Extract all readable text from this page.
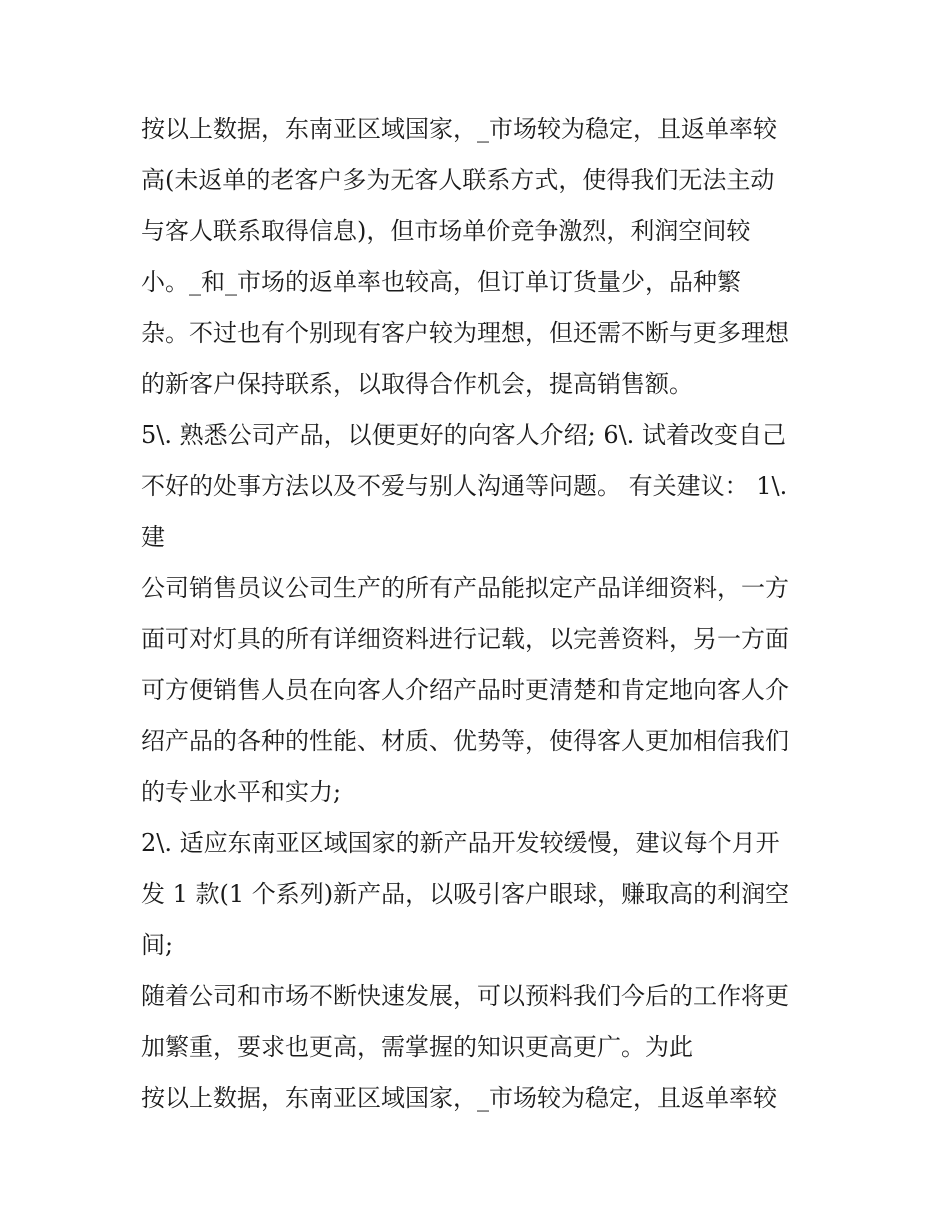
按以上数据，东南亚区域国家，_市场较为稳定，且返单率较
高(未返单的老客户多为无客人联系方式，使得我们无法主动
与客人联系取得信息)，但市场单价竞争激烈，利润空间较
小。_和_市场的返单率也较高，但订单订货量少，品种繁
杂。不过也有个别现有客户较为理想，但还需不断与更多理想
的新客户保持联系，以取得合作机会，提高销售额。
5\. 熟悉公司产品，以便更好的向客人介绍; 6\. 试着改变自己
不好的处事方法以及不爱与别人沟通等问题。 有关建议： 1\.
建
公司销售员议公司生产的所有产品能拟定产品详细资料，一方
面可对灯具的所有详细资料进行记载，以完善资料，另一方面
可方便销售人员在向客人介绍产品时更清楚和肯定地向客人介
绍产品的各种的性能、材质、优势等，使得客人更加相信我们
的专业水平和实力;
2\. 适应东南亚区域国家的新产品开发较缓慢，建议每个月开
发 1 款(1 个系列)新产品，以吸引客户眼球，赚取高的利润空
间;
随着公司和市场不断快速发展，可以预料我们今后的工作将更
加繁重，要求也更高，需掌握的知识更高更广。为此
按以上数据，东南亚区域国家，_市场较为稳定，且返单率较
